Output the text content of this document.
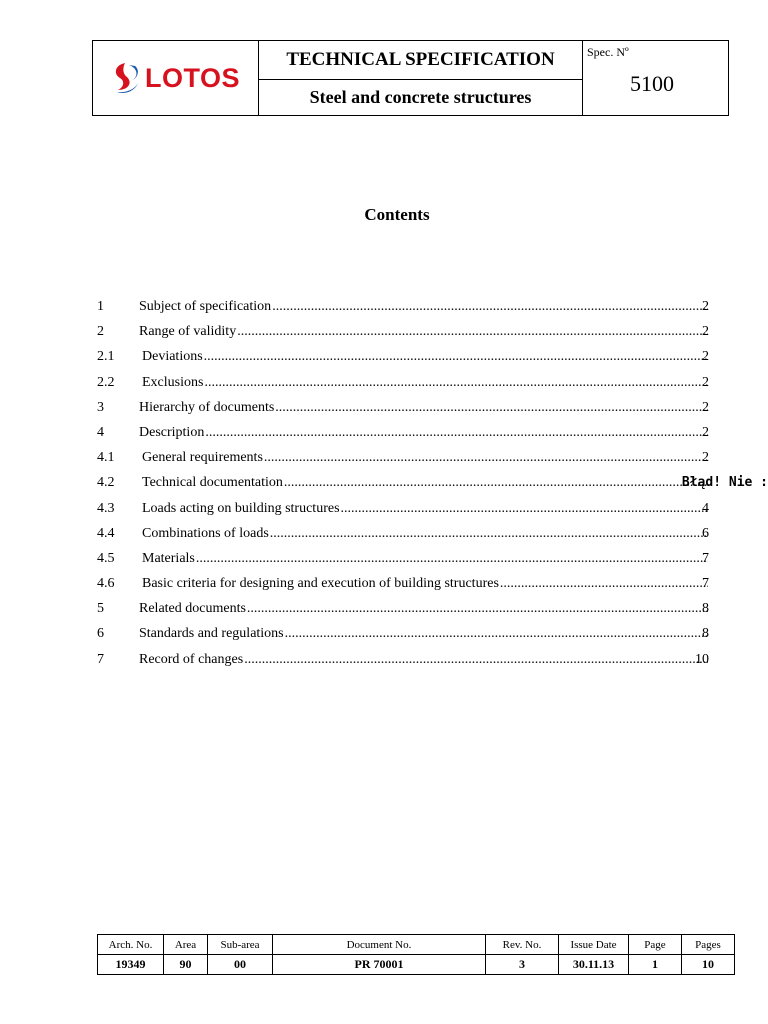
LOTOS
TECHNICAL SPECIFICATION
Steel and concrete structures
Spec. Nº
5100
Contents
1	Subject of specification .....	2
2	Range of validity .....	2
2.1 Deviations .....	2
2.2 Exclusions .....	2
3	Hierarchy of documents .....	2
4	Description .....	2
4.1 General requirements .....	2
4.2 Technical documentation .....	Błąd! Nie :
4.3 Loads acting on building structures .....	4
4.4 Combinations of loads .....	6
4.5 Materials .....	7
4.6 Basic criteria for designing and execution of building structures .....	7
5	Related documents .....	8
6	Standards and regulations .....	8
7	Record of changes .....	10
Arch. No.	Area	Sub-area	Document No.	Rev. No.	Issue Date	Page	Pages
19349	90	00	PR 70001	3	30.11.13	1	10
